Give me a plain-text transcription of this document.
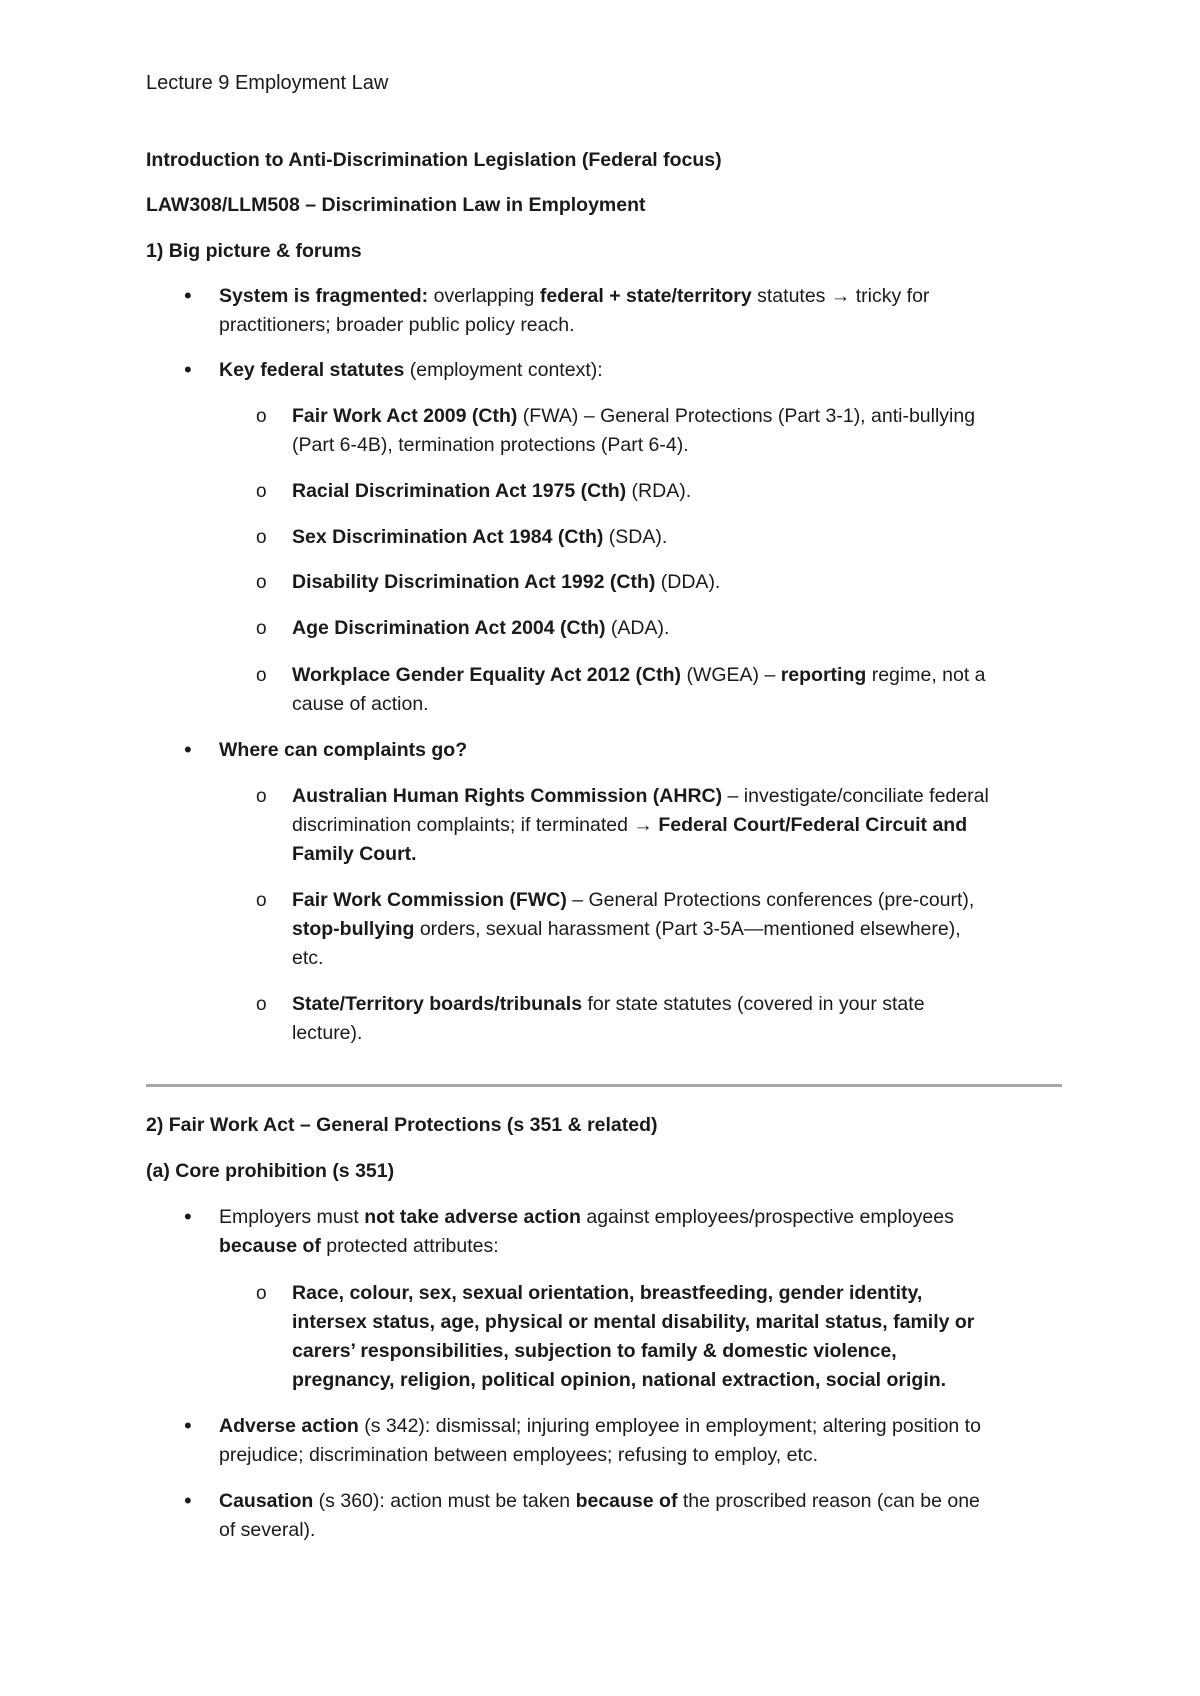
Lecture 9 Employment Law
Introduction to Anti-Discrimination Legislation (Federal focus)
LAW308/LLM508 – Discrimination Law in Employment
1) Big picture & forums
• System is fragmented: overlapping federal + state/territory statutes → tricky for
practitioners; broader public policy reach.
• Key federal statutes (employment context):
o Fair Work Act 2009 (Cth) (FWA) – General Protections (Part 3-1), anti-bullying
(Part 6-4B), termination protections (Part 6-4).
o Racial Discrimination Act 1975 (Cth) (RDA).
o Sex Discrimination Act 1984 (Cth) (SDA).
o Disability Discrimination Act 1992 (Cth) (DDA).
o Age Discrimination Act 2004 (Cth) (ADA).
o Workplace Gender Equality Act 2012 (Cth) (WGEA) – reporting regime, not a
cause of action.
• Where can complaints go?
o Australian Human Rights Commission (AHRC) – investigate/conciliate federal
discrimination complaints; if terminated → Federal Court/Federal Circuit and
Family Court.
o Fair Work Commission (FWC) – General Protections conferences (pre-court),
stop-bullying orders, sexual harassment (Part 3-5A—mentioned elsewhere),
etc.
o State/Territory boards/tribunals for state statutes (covered in your state
lecture).
2) Fair Work Act – General Protections (s 351 & related)
(a) Core prohibition (s 351)
• Employers must not take adverse action against employees/prospective employees
because of protected attributes:
o Race, colour, sex, sexual orientation, breastfeeding, gender identity,
intersex status, age, physical or mental disability, marital status, family or
carers’ responsibilities, subjection to family & domestic violence,
pregnancy, religion, political opinion, national extraction, social origin.
• Adverse action (s 342): dismissal; injuring employee in employment; altering position to
prejudice; discrimination between employees; refusing to employ, etc.
• Causation (s 360): action must be taken because of the proscribed reason (can be one
of several).
